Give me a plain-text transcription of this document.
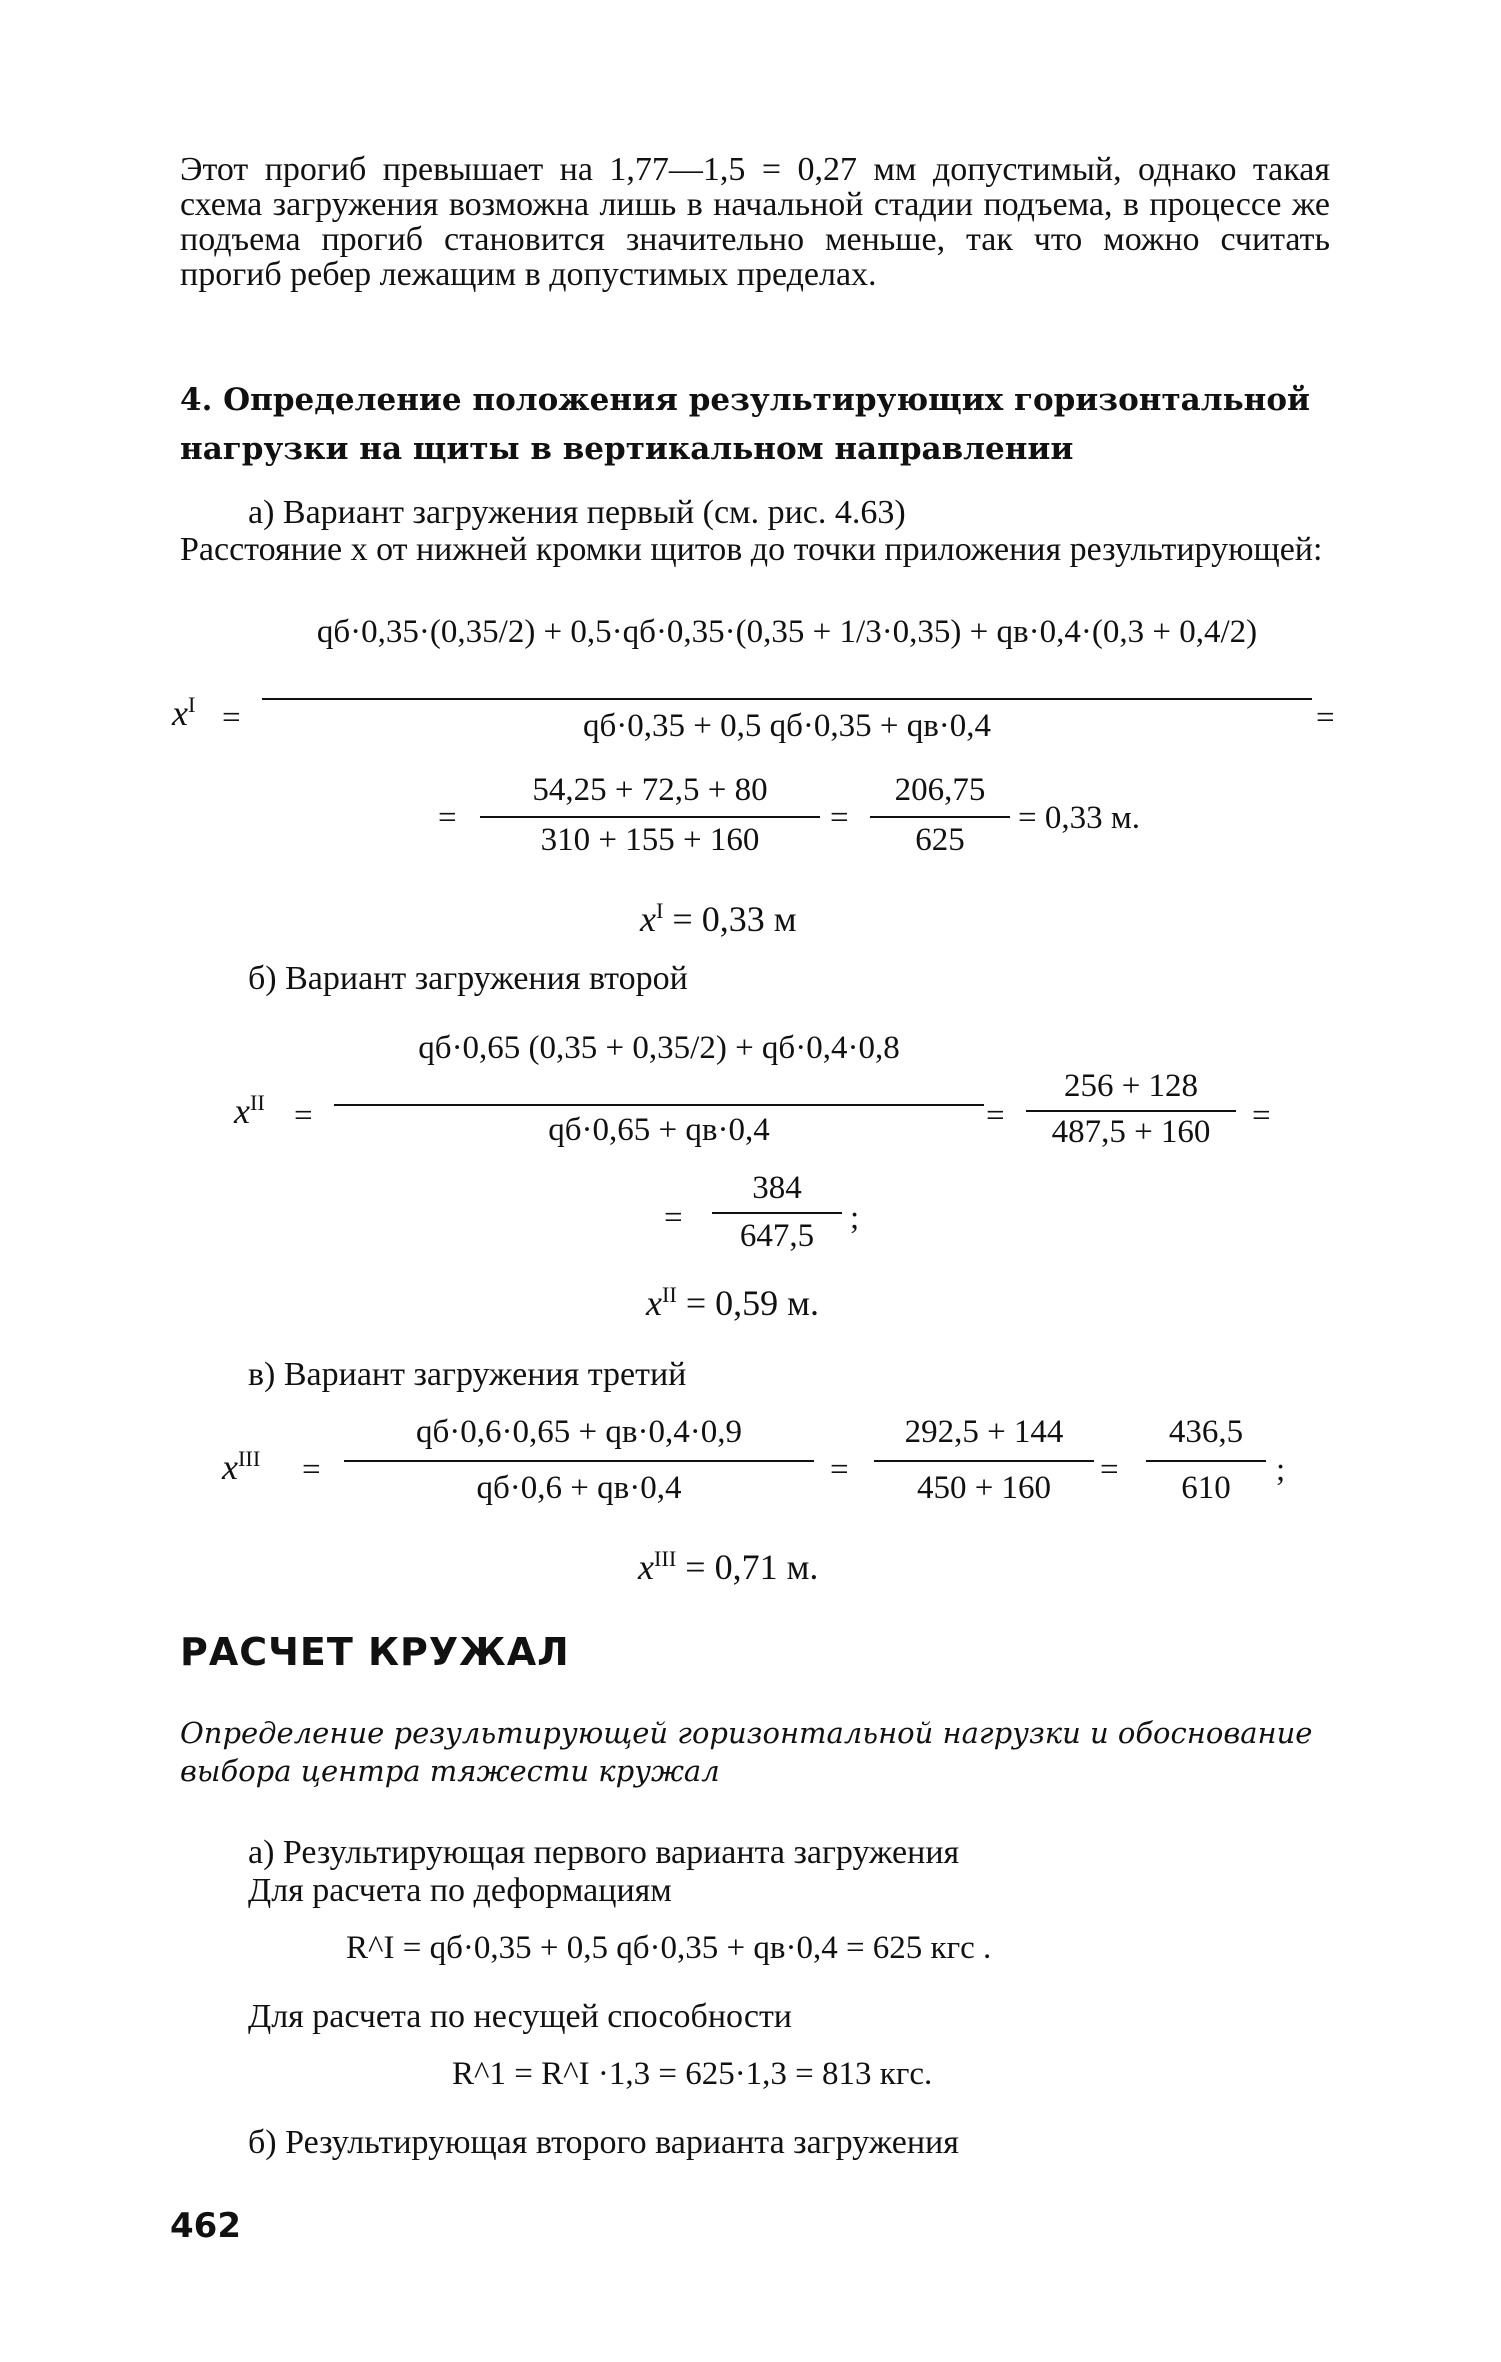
Этот прогиб превышает на 1,77—1,5 = 0,27 мм допустимый, однако такая схема загружения возможна лишь в начальной стадии подъема, в процессе же подъема прогиб становится значительно меньше, так что можно считать прогиб ребер лежащим в допустимых пределах.
4. Определение положения результирующих горизонтальной нагрузки на щиты в вертикальном направлении
а) Вариант загружения первый (см. рис. 4.63)
Расстояние x от нижней кромки щитов до точки приложения результирующей:
$x^I$ =
qб·0,35·(0,35/2) + 0,5·qб·0,35·(0,35 + 1/3·0,35) + qв·0,4·(0,3 + 0,4/2)
qб·0,35 + 0,5 qб·0,35 + qв·0,4	=
=
54,25 + 72,5 + 80
310 + 155 + 160
=
206,75
625
= 0,33 м.
$x^I = 0,33$ м
б) Вариант загружения второй
$x^{II}$ =
qб·0,65 (0,35 + 0,35/2) + qб·0,4·0,8
qб·0,65 + qв·0,4	=
256 + 128
487,5 + 160	=
=
384
647,5	;
$x^{II} = 0,59$ м.
в) Вариант загружения третий
$x^{III}$ =
qб·0,6·0,65 + qв·0,4·0,9
qб·0,6 + qв·0,4	=
292,5 + 144
450 + 160	=
436,5
610	;
$x^{III} = 0,71$ м.
РАСЧЕТ КРУЖАЛ
Определение результирующей горизонтальной нагрузки и обоснование выбора центра тяжести кружал
а) Результирующая первого варианта загружения
Для расчета по деформациям
R^I = qб·0,35 + 0,5 qб·0,35 + qв·0,4 = 625 кгс .
Для расчета по несущей способности
R^1 = R^I ·1,3 = 625·1,3 = 813 кгс.
б) Результирующая второго варианта загружения
462
